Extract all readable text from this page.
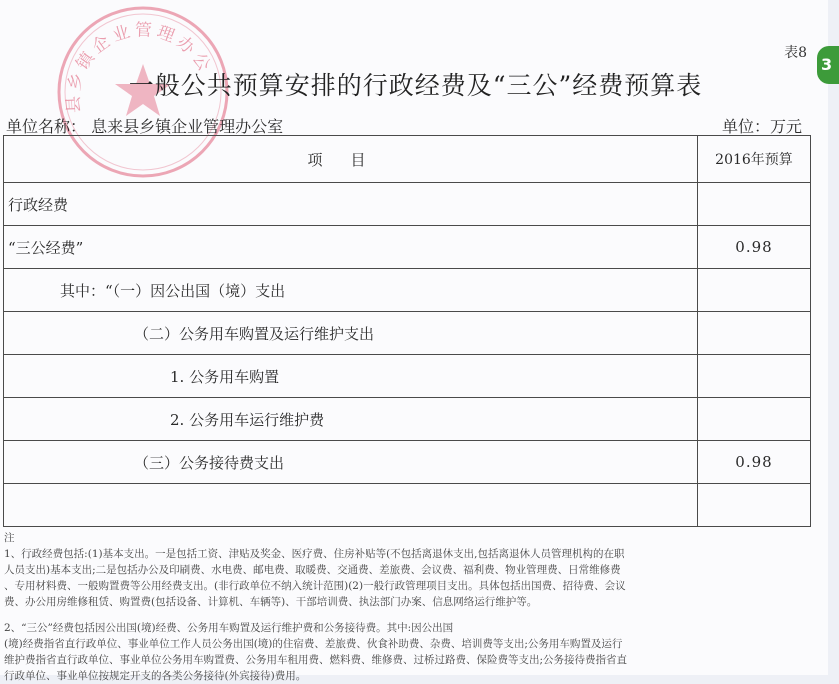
县乡镇企业管理办公	表8
一般公共预算安排的行政经费及“三公”经费预算表
单位名称： 息来县乡镇企业管理办公室	单位：万元
项目	2016年预算
行政经费	
“三公经费”	0.98
其中：“（一）因公出国（境）支出	
（二）公务用车购置及运行维护支出	
1. 公务用车购置	
2. 公务用车运行维护费	
（三）公务接待费支出	0.98

注

1、行政经费包括:(1)基本支出。一是包括工资、津贴及奖金、医疗费、住房补贴等(不包括离退休支出,包括离退休人员管理机构的在职

人员支出)基本支出;二是包括办公及印刷费、水电费、邮电费、取暖费、交通费、差旅费、会议费、福利费、物业管理费、日常维修费

、专用材料费、一般购置费等公用经费支出。(非行政单位不纳入统计范围)(2)一般行政管理项目支出。具体包括出国费、招待费、会议

费、办公用房维修租赁、购置费(包括设备、计算机、车辆等)、干部培训费、执法部门办案、信息网络运行维护等。

2、“三公”经费包括因公出国(境)经费、公务用车购置及运行维护费和公务接待费。其中:因公出国

(境)经费指省直行政单位、事业单位工作人员公务出国(境)的住宿费、差旅费、伙食补助费、杂费、培训费等支出;公务用车购置及运行

维护费指省直行政单位、事业单位公务用车购置费、公务用车租用费、燃料费、维修费、过桥过路费、保险费等支出;公务接待费指省直

行政单位、事业单位按规定开支的各类公务接待(外宾接待)费用。

3
